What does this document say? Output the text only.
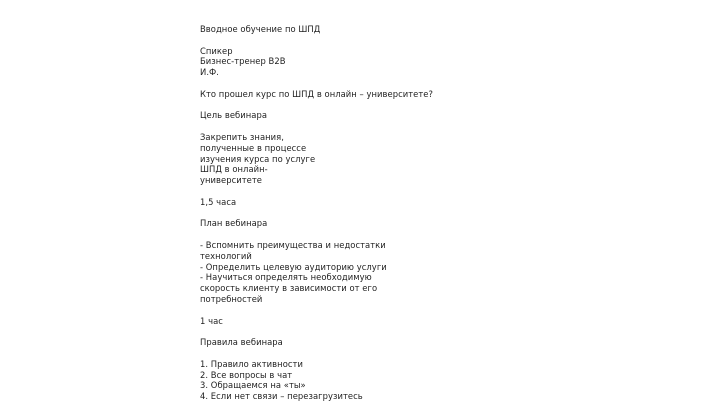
Вводное обучение по ШПД
Спикер
Бизнес-тренер B2B
И.Ф.
Кто прошел курс по ШПД в онлайн – университете?
Цель вебинара
Закрепить знания,
полученные в процессе
изучения курса по услуге
ШПД в онлайн-
университете
1,5 часа
План вебинара
- Вспомнить преимущества и недостатки
технологий
- Определить целевую аудиторию услуги
- Научиться определять необходимую
скорость клиенту в зависимости от его
потребностей
1 час
Правила вебинара
1. Правило активности
2. Все вопросы в чат
3. Обращаемся на «ты»
4. Если нет связи – перезагрузитесь
